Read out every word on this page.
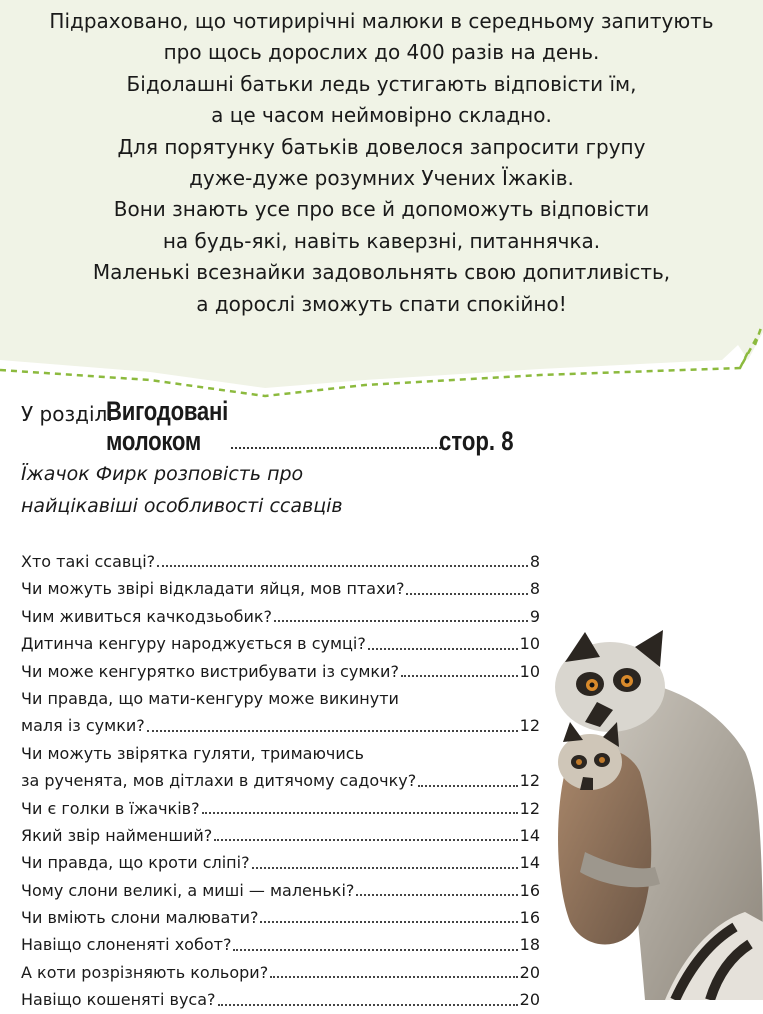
Підраховано, що чотирирічні малюки в середньому запитують
про щось дорослих до 400 разів на день.
Бідолашні батьки ледь устигають відповісти їм,
а це часом неймовірно складно.
Для порятунку батьків довелося запросити групу
дуже-дуже розумних Учених Їжаків.
Вони знають усе про все й допоможуть відповісти
на будь-які, навіть каверзні, питаннячка.
Маленькі всезнайки задовольнять свою допитливість,
а дорослі зможуть спати спокійно!
У розділі
Вигодовані
молоком	стор. 8
Їжачок Фирк розповість про
найцікавіші особливості ссавців
Хто такі ссавці?	8
Чи можуть звірі відкладати яйця, мов птахи?	8
Чим живиться качкодзьобик?	9
Дитинча кенгуру народжується в сумці?	10
Чи може кенгурятко вистрибувати із сумки?	10
Чи правда, що мати-кенгуру може викинути
маля із сумки?	12
Чи можуть звірятка гуляти, тримаючись
за рученята, мов дітлахи в дитячому садочку?	12
Чи є голки в їжачків?	12
Який звір найменший?	14
Чи правда, що кроти сліпі?	14
Чому слони великі, а миші — маленькі?	16
Чи вміють слони малювати?	16
Навіщо слоненяті хобот?	18
А коти розрізняють кольори?	20
Навіщо кошеняті вуса?	20
